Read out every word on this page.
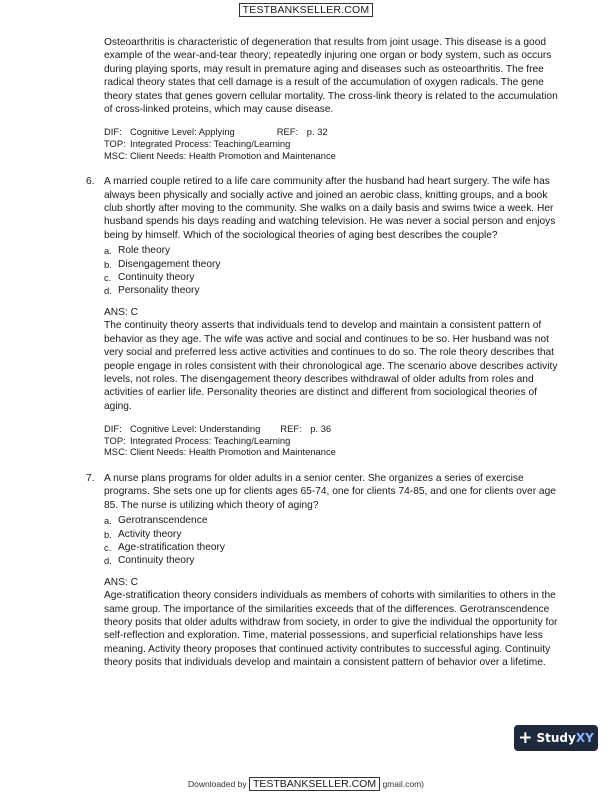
TESTBANKSELLER.COM

Osteoarthritis is characteristic of degeneration that results from joint usage. This disease is a good example of the wear-and-tear theory; repeatedly injuring one organ or body system, such as occurs during playing sports, may result in premature aging and diseases such as osteoarthritis. The free radical theory states that cell damage is a result of the accumulation of oxygen radicals. The gene theory states that genes govern cellular mortality. The cross-link theory is related to the accumulation of cross-linked proteins, which may cause disease.

DIF: Cognitive Level: Applying	REF: p. 32
TOP: Integrated Process: Teaching/Learning
MSC: Client Needs: Health Promotion and Maintenance
6. A married couple retired to a life care community after the husband had heart surgery. The wife has always been physically and socially active and joined an aerobic class, knitting groups, and a book club shortly after moving to the community. She walks on a daily basis and swims twice a week. Her husband spends his days reading and watching television. He was never a social person and enjoys being by himself. Which of the sociological theories of aging best describes the couple?

a. Role theory
b. Disengagement theory
c. Continuity theory
d. Personality theory

ANS: C

The continuity theory asserts that individuals tend to develop and maintain a consistent pattern of behavior as they age. The wife was active and social and continues to be so. Her husband was not very social and preferred less active activities and continues to do so. The role theory describes that people engage in roles consistent with their chronological age. The scenario above describes activity levels, not roles. The disengagement theory describes withdrawal of older adults from roles and activities of earlier life. Personality theories are distinct and different from sociological theories of aging.

DIF: Cognitive Level: Understanding REF: p. 36
TOP: Integrated Process: Teaching/Learning
MSC: Client Needs: Health Promotion and Maintenance
7. A nurse plans programs for older adults in a senior center. She organizes a series of exercise programs. She sets one up for clients ages 65-74, one for clients 74-85, and one for clients over age 85. The nurse is utilizing which theory of aging?

a. Gerotranscendence
b. Activity theory
c. Age-stratification theory
d. Continuity theory

ANS: C

Age-stratification theory considers individuals as members of cohorts with similarities to others in the same group. The importance of the similarities exceeds that of the differences. Gerotranscendence theory posits that older adults withdraw from society, in order to give the individual the opportunity for self-reflection and exploration. Time, material possessions, and superficial relationships have less meaning. Activity theory proposes that continued activity contributes to successful aging. Continuity theory posits that individuals develop and maintain a consistent pattern of behavior over a lifetime.

+ Study XY
Downloaded by TESTBANKSELLER.COM gmail.com)
